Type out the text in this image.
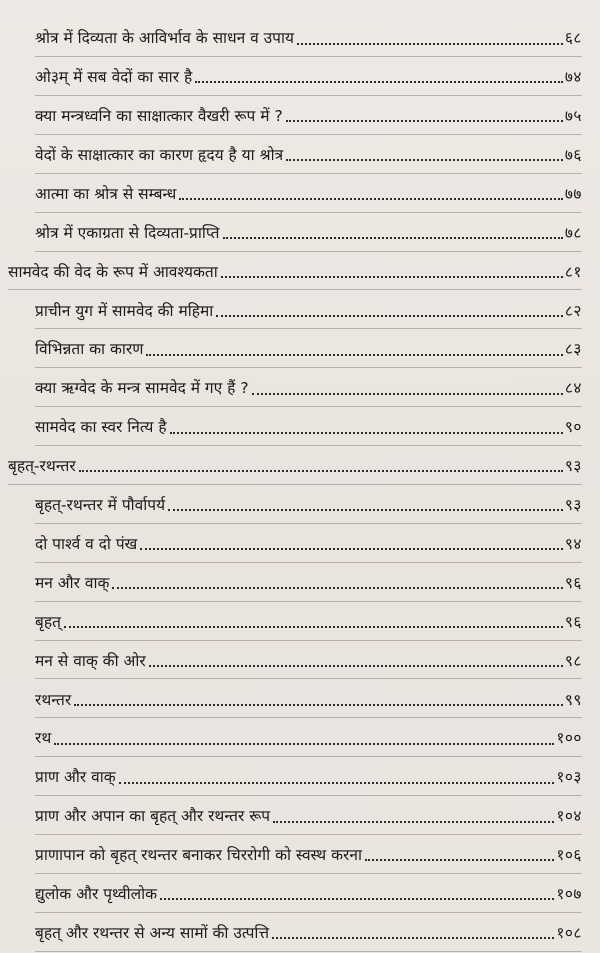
श्रोत्र में दिव्यता के आविर्भाव के साधन व उपाय	६८
ओ३म् में सब वेदों का सार है	७४
क्या मन्त्रध्वनि का साक्षात्कार वैखरी रूप में ?	७५
वेदों के साक्षात्कार का कारण हृदय है या श्रोत्र	७६
आत्मा का श्रोत्र से सम्बन्ध	७७
श्रोत्र में एकाग्रता से दिव्यता-प्राप्ति	७८
सामवेद की वेद के रूप में आवश्यकता	८१
प्राचीन युग में सामवेद की महिमा	८२
विभिन्नता का कारण	८३
क्या ऋग्वेद के मन्त्र सामवेद में गए हैं ?	८४
सामवेद का स्वर नित्य है	९०
बृहत्-रथन्तर	९३
बृहत्-रथन्तर में पौर्वापर्य	९३
दो पार्श्व व दो पंख	९४
मन और वाक्	९६
बृहत्	९६
मन से वाक् की ओर	९८
रथन्तर	९९
रथ	१००
प्राण और वाक्	१०३
प्राण और अपान का बृहत् और रथन्तर रूप	१०४
प्राणापान को बृहत् रथन्तर बनाकर चिररोगी को स्वस्थ करना	१०६
द्युलोक और पृथ्वीलोक	१०७
बृहत् और रथन्तर से अन्य सामों की उत्पत्ति	१०८
